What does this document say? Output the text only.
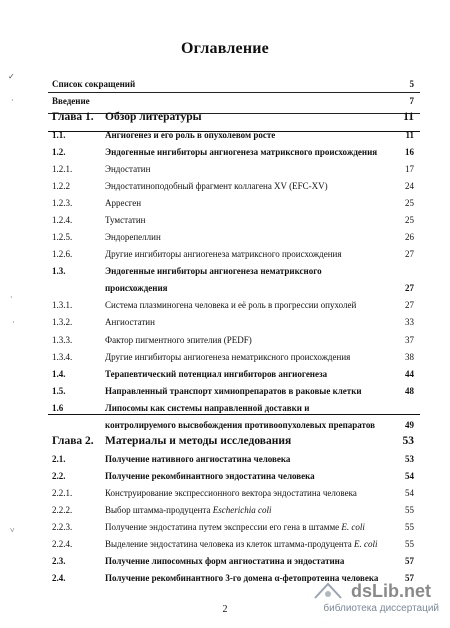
Оглавление
✓
·
·
·
˅
Список сокращений	5
Введение	7
Глава 1. Обзор литературы	11
1.1.	Ангиогенез и его роль в опухолевом росте	11
1.2.	Эндогенные ингибиторы ангиогенеза матриксного происхождения	16
1.2.1.	Эндостатин	17
1.2.2	Эндостатиноподобный фрагмент коллагена XV (EFC-XV)	24
1.2.3.	Арресген	25
1.2.4.	Тумстатин	25
1.2.5.	Эндорепеллин	26
1.2.6.	Другие ингибиторы ангиогенеза матриксного происхождения	27
1.3.	Эндогенные ингибиторы ангиогенеза нематриксного
происхождения	27
1.3.1.	Система плазминогена человека и её роль в прогрессии опухолей	27
1.3.2.	Ангиостатин	33
1.3.3.	Фактор пигментного эпителия (PEDF)	37
1.3.4.	Другие ингибиторы ангиогенеза нематриксного происхождения	38
1.4.	Терапевтический потенциал ингибиторов ангиогенеза	44
1.5.	Направленный транспорт химиопрепаратов в раковые клетки	48
1.6	Липосомы как системы направленной доставки и
контролируемого высвобождения противоопухолевых препаратов	49
Глава 2. Материалы и методы исследования	53
2.1.	Получение нативного ангиостатина человека	53
2.2.	Получение рекомбинантного эндостатина человека	54
2.2.1.	Конструирование экспрессионного вектора эндостатина человека	54
2.2.2.	Выбор штамма-продуцента Escherichia coli	55
2.2.3.	Получение эндостатина путем экспрессии его гена в штамме E. coli	55
2.2.4.	Выделение эндостатина человека из клеток штамма-продуцента E. coli	55
2.3.	Получение липосомных форм ангиостатина и эндостатина	57
2.4.	Получение рекомбинантного 3-го домена α-фетопротеина человека	57
2
dsLib.net
библиотека диссертаций
